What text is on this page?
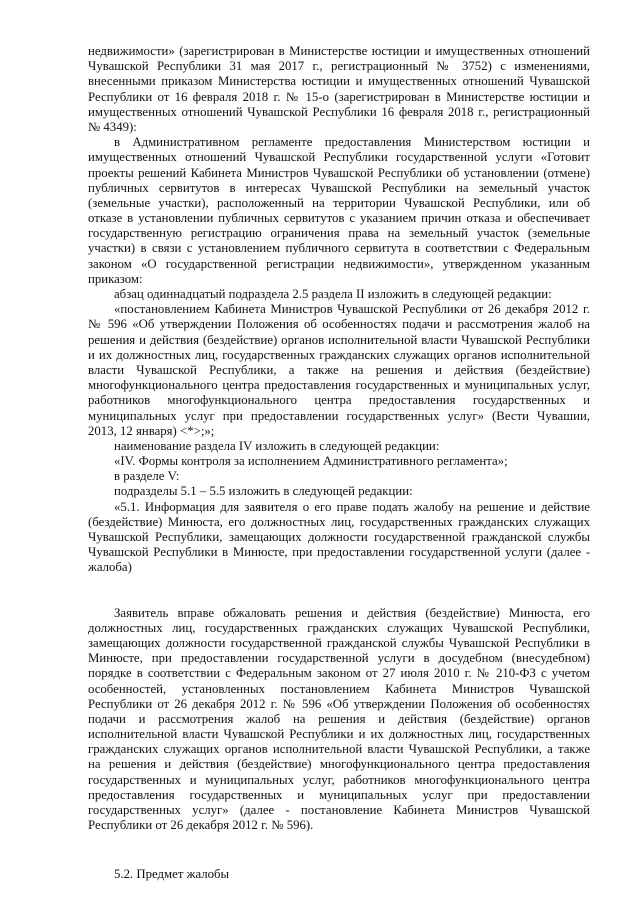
недвижимости» (зарегистрирован в Министерстве юстиции и имущественных отношений
Чувашской Республики 31 мая 2017 г., регистрационный № 3752) с изменениями,
внесенными приказом Министерства юстиции и имущественных отношений Чувашской
Республики от 16 февраля 2018 г. № 15-о (зарегистрирован в Министерстве юстиции и
имущественных отношений Чувашской Республики 16 февраля 2018 г., регистрационный
№ 4349):
в Административном регламенте предоставления Министерством юстиции и
имущественных отношений Чувашской Республики государственной услуги «Готовит
проекты решений Кабинета Министров Чувашской Республики об установлении (отмене)
публичных сервитутов в интересах Чувашской Республики на земельный участок
(земельные участки), расположенный на территории Чувашской Республики, или об
отказе в установлении публичных сервитутов с указанием причин отказа и обеспечивает
государственную регистрацию ограничения права на земельный участок (земельные
участки) в связи с установлением публичного сервитута в соответствии с Федеральным
законом «О государственной регистрации недвижимости», утвержденном указанным
приказом:
абзац одиннадцатый подраздела 2.5 раздела II изложить в следующей редакции:
«постановлением Кабинета Министров Чувашской Республики от 26 декабря 2012 г.
№ 596 «Об утверждении Положения об особенностях подачи и рассмотрения жалоб на
решения и действия (бездействие) органов исполнительной власти Чувашской Республики
и их должностных лиц, государственных гражданских служащих органов исполнительной
власти Чувашской Республики, а также на решения и действия (бездействие)
многофункционального центра предоставления государственных и муниципальных услуг,
работников многофункционального центра предоставления государственных и
муниципальных услуг при предоставлении государственных услуг» (Вести Чувашии,
2013, 12 января) <*>;»;
наименование раздела IV изложить в следующей редакции:
«IV. Формы контроля за исполнением Административного регламента»;
в разделе V:
подразделы 5.1 – 5.5 изложить в следующей редакции:
«5.1. Информация для заявителя о его праве подать жалобу на решение и действие
(бездействие) Минюста, его должностных лиц, государственных гражданских служащих
Чувашской Республики, замещающих должности государственной гражданской службы
Чувашской Республики в Минюсте, при предоставлении государственной услуги (далее -
жалоба)
Заявитель вправе обжаловать решения и действия (бездействие) Минюста, его
должностных лиц, государственных гражданских служащих Чувашской Республики,
замещающих должности государственной гражданской службы Чувашской Республики в
Минюсте, при предоставлении государственной услуги в досудебном (внесудебном)
порядке в соответствии с Федеральным законом от 27 июля 2010 г. № 210-ФЗ с учетом
особенностей, установленных постановлением Кабинета Министров Чувашской
Республики от 26 декабря 2012 г. № 596 «Об утверждении Положения об особенностях
подачи и рассмотрения жалоб на решения и действия (бездействие) органов
исполнительной власти Чувашской Республики и их должностных лиц, государственных
гражданских служащих органов исполнительной власти Чувашской Республики, а также
на решения и действия (бездействие) многофункционального центра предоставления
государственных и муниципальных услуг, работников многофункционального центра
предоставления государственных и муниципальных услуг при предоставлении
государственных услуг» (далее - постановление Кабинета Министров Чувашской
Республики от 26 декабря 2012 г. № 596).
5.2. Предмет жалобы
